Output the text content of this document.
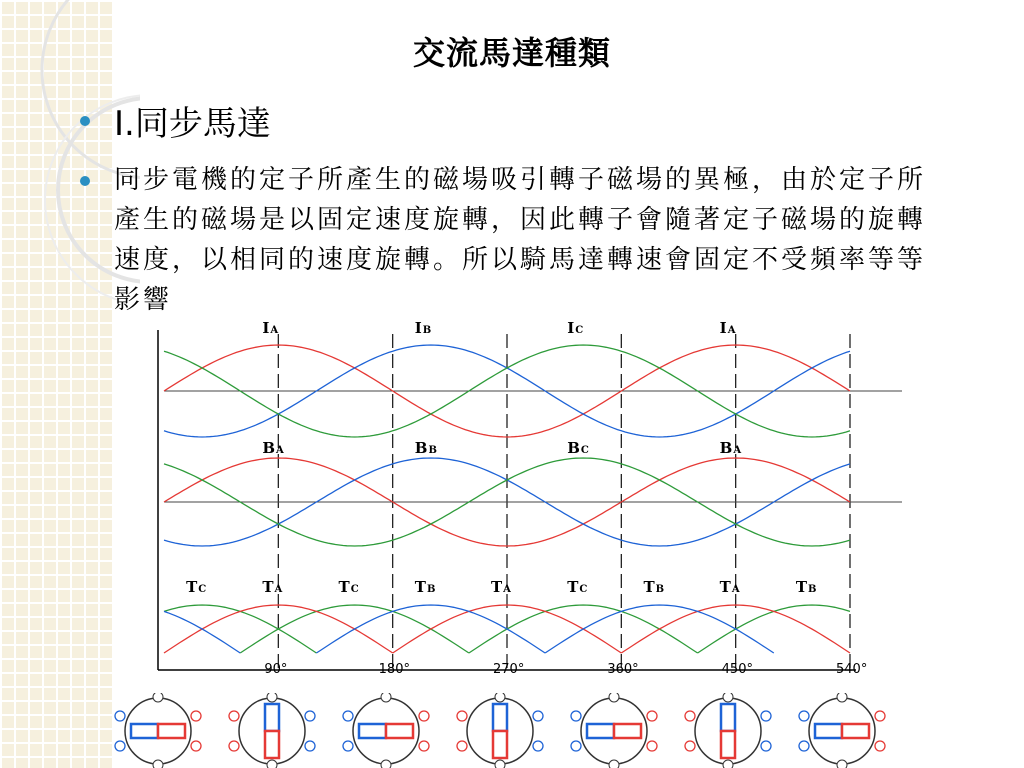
交流馬達種類
I.同步馬達
同步電機的定子所產生的磁場吸引轉子磁場的異極，由於定子所產生的磁場是以固定速度旋轉，因此轉子會隨著定子磁場的旋轉速度，以相同的速度旋轉。所以騎馬達轉速會固定不受頻率等等影響
IA	IB	IC	IA
BA	BB	BC	BA
TC	TA	TC	TB	TA	TC	TB	TA	TB
90°	180°	270°	360°	450°	540°
